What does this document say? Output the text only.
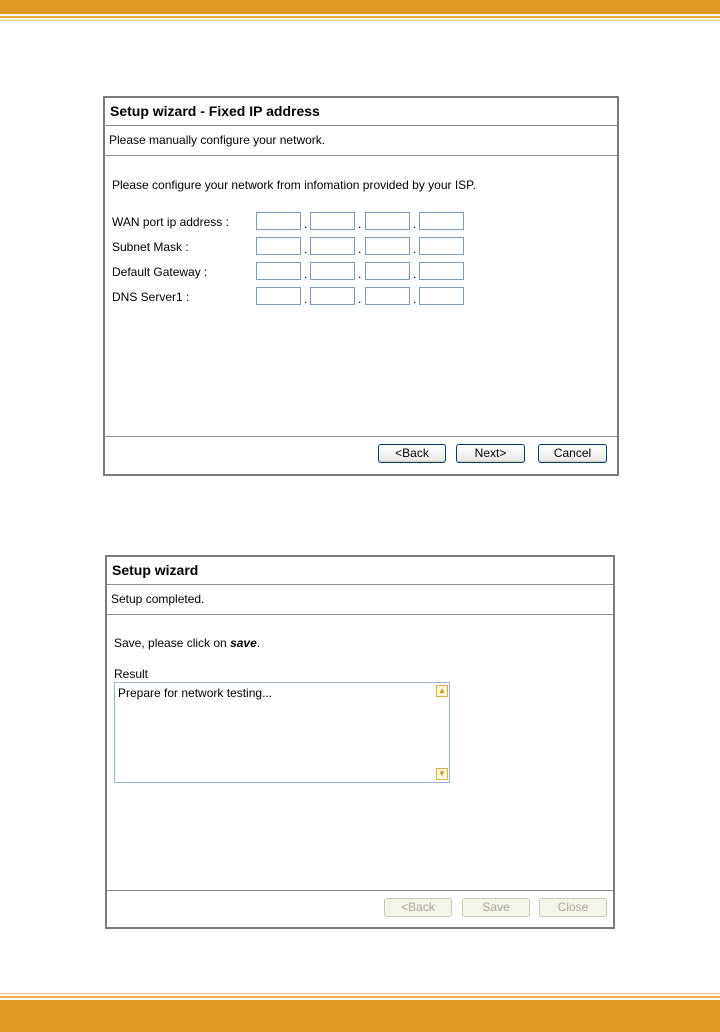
Setup wizard - Fixed IP address
Please manually configure your network.
Please configure your network from infomation provided by your ISP.
WAN port ip address :	.	.	.
Subnet Mask :	.	.	.
Default Gateway :	.	.	.
DNS Server1 :	.	.	.
<Back	Next>	Cancel
Setup wizard
Setup completed.
Save, please click on save.
Result
Prepare for network testing...	▲
▼
<Back	Save	Close
